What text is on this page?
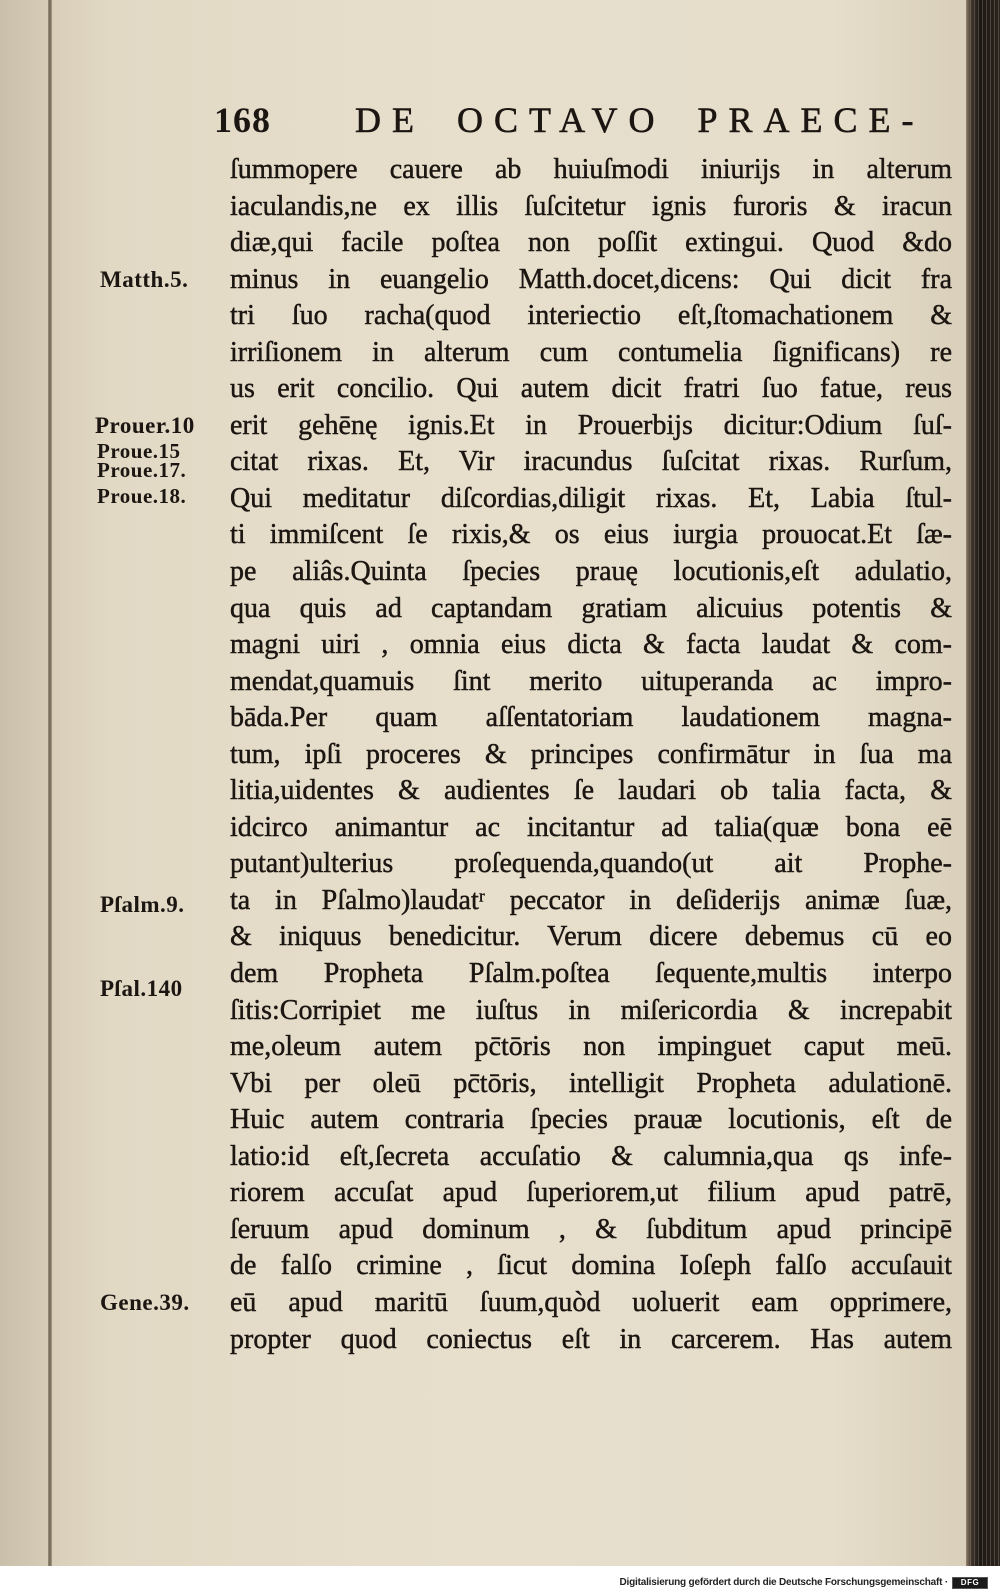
168 DE OCTAVO PRAECE-
Matth.5.
Prouer.10
Proue.15
Proue.17.
Proue.18.
Pſalm.9.
Pſal.140
Gene.39.
ſummopere cauere ab huiuſmodi iniurijs in alterum
iaculandis,ne ex illis ſuſcitetur ignis furoris & iracun
diæ,qui facile poſtea non poſſit extingui. Quod &do
minus in euangelio Matth.docet,dicens: Qui dicit fra
tri ſuo racha(quod interiectio eſt,ſtomachationem &
irriſionem in alterum cum contumelia ſignificans) re
us erit concilio. Qui autem dicit fratri ſuo fatue, reus
erit gehēnę ignis.Et in Prouerbijs dicitur:Odium ſuſ-
citat rixas. Et, Vir iracundus ſuſcitat rixas. Rurſum,
Qui meditatur diſcordias,diligit rixas. Et, Labia ſtul-
ti immiſcent ſe rixis,& os eius iurgia prouocat.Et ſæ-
pe aliâs.Quinta ſpecies prauę locutionis,eſt adulatio,
qua quis ad captandam gratiam alicuius potentis &
magni uiri , omnia eius dicta & facta laudat & com-
mendat,quamuis ſint merito uituperanda ac impro-
bāda.Per quam aſſentatoriam laudationem magna-
tum, ipſi proceres & principes confirmātur in ſua ma
litia,uidentes & audientes ſe laudari ob talia facta, &
idcirco animantur ac incitantur ad talia(quæ bona eē
putant)ulterius proſequenda,quando(ut ait Prophe-
ta in Pſalmo)laudatʳ peccator in deſiderijs animæ ſuæ,
& iniquus benedicitur. Verum dicere debemus cū eo
dem Propheta Pſalm.poſtea ſequente,multis interpo
ſitis:Corripiet me iuſtus in miſericordia & increpabit
me,oleum autem pc̄tōris non impinguet caput meū.
Vbi per oleū pc̄tōris, intelligit Propheta adulationē.
Huic autem contraria ſpecies prauæ locutionis, eſt de
latio:id eſt,ſecreta accuſatio & calumnia,qua qs infe-
riorem accuſat apud ſuperiorem,ut filium apud patrē,
ſeruum apud dominum , & ſubditum apud principē
de falſo crimine , ſicut domina Ioſeph falſo accuſauit
eū apud maritū ſuum,quòd uoluerit eam opprimere,
propter quod coniectus eſt in carcerem. Has autem
Digitalisierung gefördert durch die Deutsche Forschungsgemeinschaft ·	DFG
